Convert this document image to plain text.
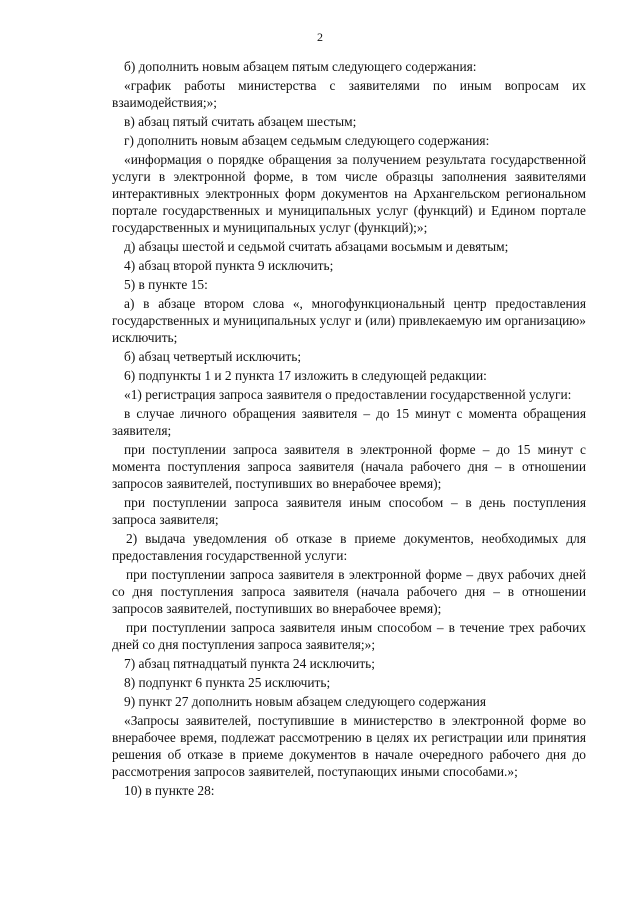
2

б) дополнить новым абзацем пятым следующего содержания:

«график работы министерства с заявителями по иным вопросам их взаимодействия;»;

в) абзац пятый считать абзацем шестым;

г) дополнить новым абзацем седьмым следующего содержания:

«информация о порядке обращения за получением результата государственной услуги в электронной форме, в том числе образцы заполнения заявителями интерактивных электронных форм документов на Архангельском региональном портале государственных и муниципальных услуг (функций) и Едином портале государственных и муниципальных услуг (функций);»;

д) абзацы шестой и седьмой считать абзацами восьмым и девятым;

4) абзац второй пункта 9 исключить;

5) в пункте 15:

а) в абзаце втором слова «, многофункциональный центр предоставления государственных и муниципальных услуг и (или) привлекаемую им организацию» исключить;

б) абзац четвертый исключить;

6) подпункты 1 и 2 пункта 17 изложить в следующей редакции:

«1) регистрация запроса заявителя о предоставлении государственной услуги:

в случае личного обращения заявителя – до 15 минут с момента обращения заявителя;

при поступлении запроса заявителя в электронной форме – до 15 минут с момента поступления запроса заявителя (начала рабочего дня – в отношении запросов заявителей, поступивших во внерабочее время);

при поступлении запроса заявителя иным способом – в день поступления запроса заявителя;

2) выдача уведомления об отказе в приеме документов, необходимых для предоставления государственной услуги:

при поступлении запроса заявителя в электронной форме – двух рабочих дней со дня поступления запроса заявителя (начала рабочего дня – в отношении запросов заявителей, поступивших во внерабочее время);

при поступлении запроса заявителя иным способом – в течение трех рабочих дней со дня поступления запроса заявителя;»;

7) абзац пятнадцатый пункта 24 исключить;

8) подпункт 6 пункта 25 исключить;

9) пункт 27 дополнить новым абзацем следующего содержания

«Запросы заявителей, поступившие в министерство в электронной форме во внерабочее время, подлежат рассмотрению в целях их регистрации или принятия решения об отказе в приеме документов в начале очередного рабочего дня до рассмотрения запросов заявителей, поступающих иными способами.»;

10) в пункте 28:
